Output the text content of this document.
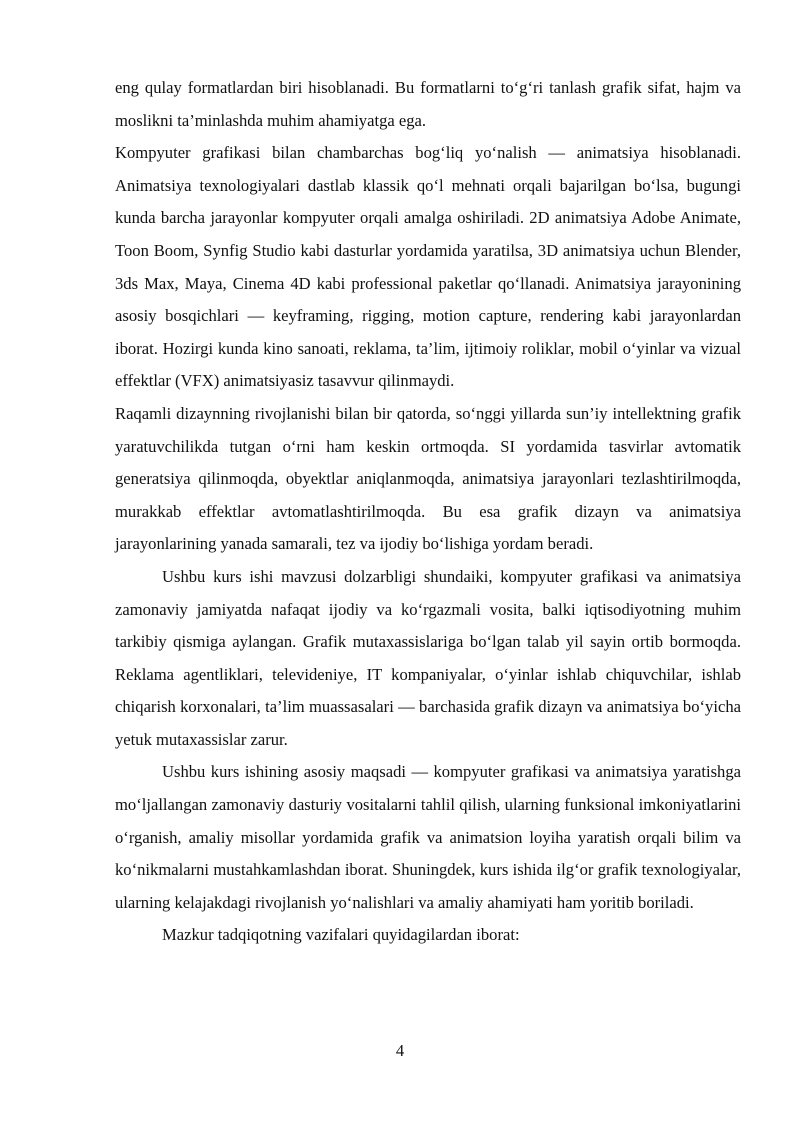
eng qulay formatlardan biri hisoblanadi. Bu formatlarni to‘g‘ri tanlash grafik sifat, hajm va moslikni ta’minlashda muhim ahamiyatga ega.

Kompyuter grafikasi bilan chambarchas bog‘liq yo‘nalish — animatsiya hisoblanadi. Animatsiya texnologiyalari dastlab klassik qo‘l mehnati orqali bajarilgan bo‘lsa, bugungi kunda barcha jarayonlar kompyuter orqali amalga oshiriladi. 2D animatsiya Adobe Animate, Toon Boom, Synfig Studio kabi dasturlar yordamida yaratilsa, 3D animatsiya uchun Blender, 3ds Max, Maya, Cinema 4D kabi professional paketlar qo‘llanadi. Animatsiya jarayonining asosiy bosqichlari — keyframing, rigging, motion capture, rendering kabi jarayonlardan iborat. Hozirgi kunda kino sanoati, reklama, ta’lim, ijtimoiy roliklar, mobil o‘yinlar va vizual effektlar (VFX) animatsiyasiz tasavvur qilinmaydi.

Raqamli dizaynning rivojlanishi bilan bir qatorda, so‘nggi yillarda sun’iy intellektning grafik yaratuvchilikda tutgan o‘rni ham keskin ortmoqda. SI yordamida tasvirlar avtomatik generatsiya qilinmoqda, obyektlar aniqlanmoqda, animatsiya jarayonlari tezlashtirilmoqda, murakkab effektlar avtomatlashtirilmoqda. Bu esa grafik dizayn va animatsiya jarayonlarining yanada samarali, tez va ijodiy bo‘lishiga yordam beradi.

Ushbu kurs ishi mavzusi dolzarbligi shundaiki, kompyuter grafikasi va animatsiya zamonaviy jamiyatda nafaqat ijodiy va ko‘rgazmali vosita, balki iqtisodiyotning muhim tarkibiy qismiga aylangan. Grafik mutaxassislariga bo‘lgan talab yil sayin ortib bormoqda. Reklama agentliklari, televideniye, IT kompaniyalar, o‘yinlar ishlab chiquvchilar, ishlab chiqarish korxonalari, ta’lim muassasalari — barchasida grafik dizayn va animatsiya bo‘yicha yetuk mutaxassislar zarur.

Ushbu kurs ishining asosiy maqsadi — kompyuter grafikasi va animatsiya yaratishga mo‘ljallangan zamonaviy dasturiy vositalarni tahlil qilish, ularning funksional imkoniyatlarini o‘rganish, amaliy misollar yordamida grafik va animatsion loyiha yaratish orqali bilim va ko‘nikmalarni mustahkamlashdan iborat. Shuningdek, kurs ishida ilg‘or grafik texnologiyalar, ularning kelajakdagi rivojlanish yo‘nalishlari va amaliy ahamiyati ham yoritib boriladi.

Mazkur tadqiqotning vazifalari quyidagilardan iborat:

4
